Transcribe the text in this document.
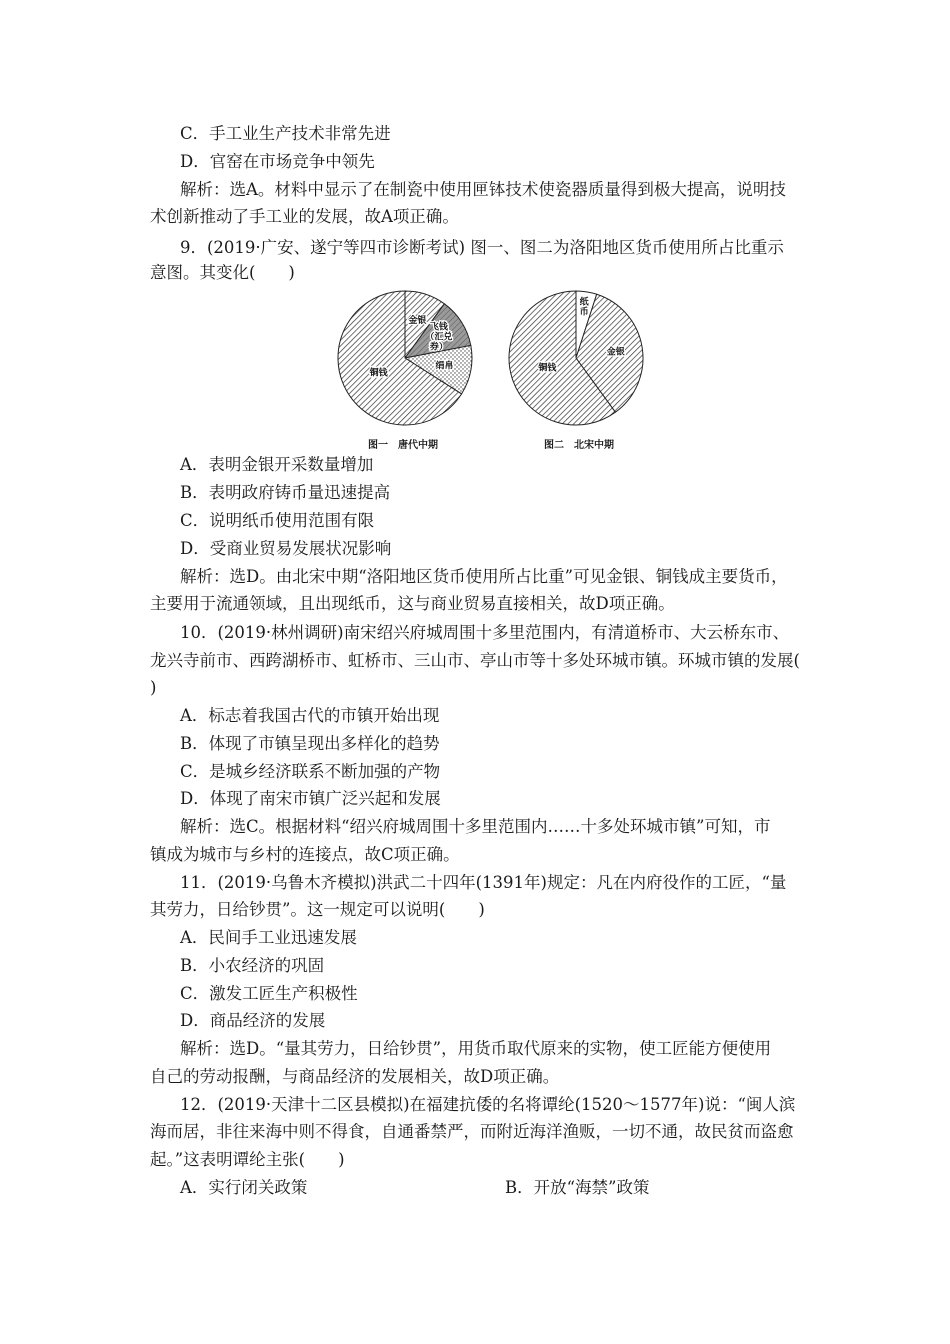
C．手工业生产技术非常先进
D．官窑在市场竞争中领先
解析：选A。材料中显示了在制瓷中使用匣钵技术使瓷器质量得到极大提高，说明技
术创新推动了手工业的发展，故A项正确。
9．(2019·广安、遂宁等四市诊断考试) 图一、图二为洛阳地区货币使用所占比重示
意图。其变化(　　)
金银
飞钱
（汇兑
券）
绢帛
铜钱
纸
币
金银
铜钱
图一　唐代中期	图二　北宋中期
A．表明金银开采数量增加
B．表明政府铸币量迅速提高
C．说明纸币使用范围有限
D．受商业贸易发展状况影响
解析：选D。由北宋中期“洛阳地区货币使用所占比重”可见金银、铜钱成主要货币，
主要用于流通领域，且出现纸币，这与商业贸易直接相关，故D项正确。
10．(2019·林州调研)南宋绍兴府城周围十多里范围内，有清道桥市、大云桥东市、
龙兴寺前市、西跨湖桥市、虹桥市、三山市、亭山市等十多处环城市镇。环城市镇的发展(
)
A．标志着我国古代的市镇开始出现
B．体现了市镇呈现出多样化的趋势
C．是城乡经济联系不断加强的产物
D．体现了南宋市镇广泛兴起和发展
解析：选C。根据材料“绍兴府城周围十多里范围内……十多处环城市镇”可知，市
镇成为城市与乡村的连接点，故C项正确。
11．(2019·乌鲁木齐模拟)洪武二十四年(1391年)规定：凡在内府役作的工匠，“量
其劳力，日给钞贯”。这一规定可以说明(　　)
A．民间手工业迅速发展
B．小农经济的巩固
C．激发工匠生产积极性
D．商品经济的发展
解析：选D。“量其劳力，日给钞贯”，用货币取代原来的实物，使工匠能方便使用
自己的劳动报酬，与商品经济的发展相关，故D项正确。
12．(2019·天津十二区县模拟)在福建抗倭的名将谭纶(1520～1577年)说：“闽人滨
海而居，非往来海中则不得食，自通番禁严，而附近海洋渔贩，一切不通，故民贫而盗愈
起。”这表明谭纶主张(　　)
A．实行闭关政策	B．开放“海禁”政策
